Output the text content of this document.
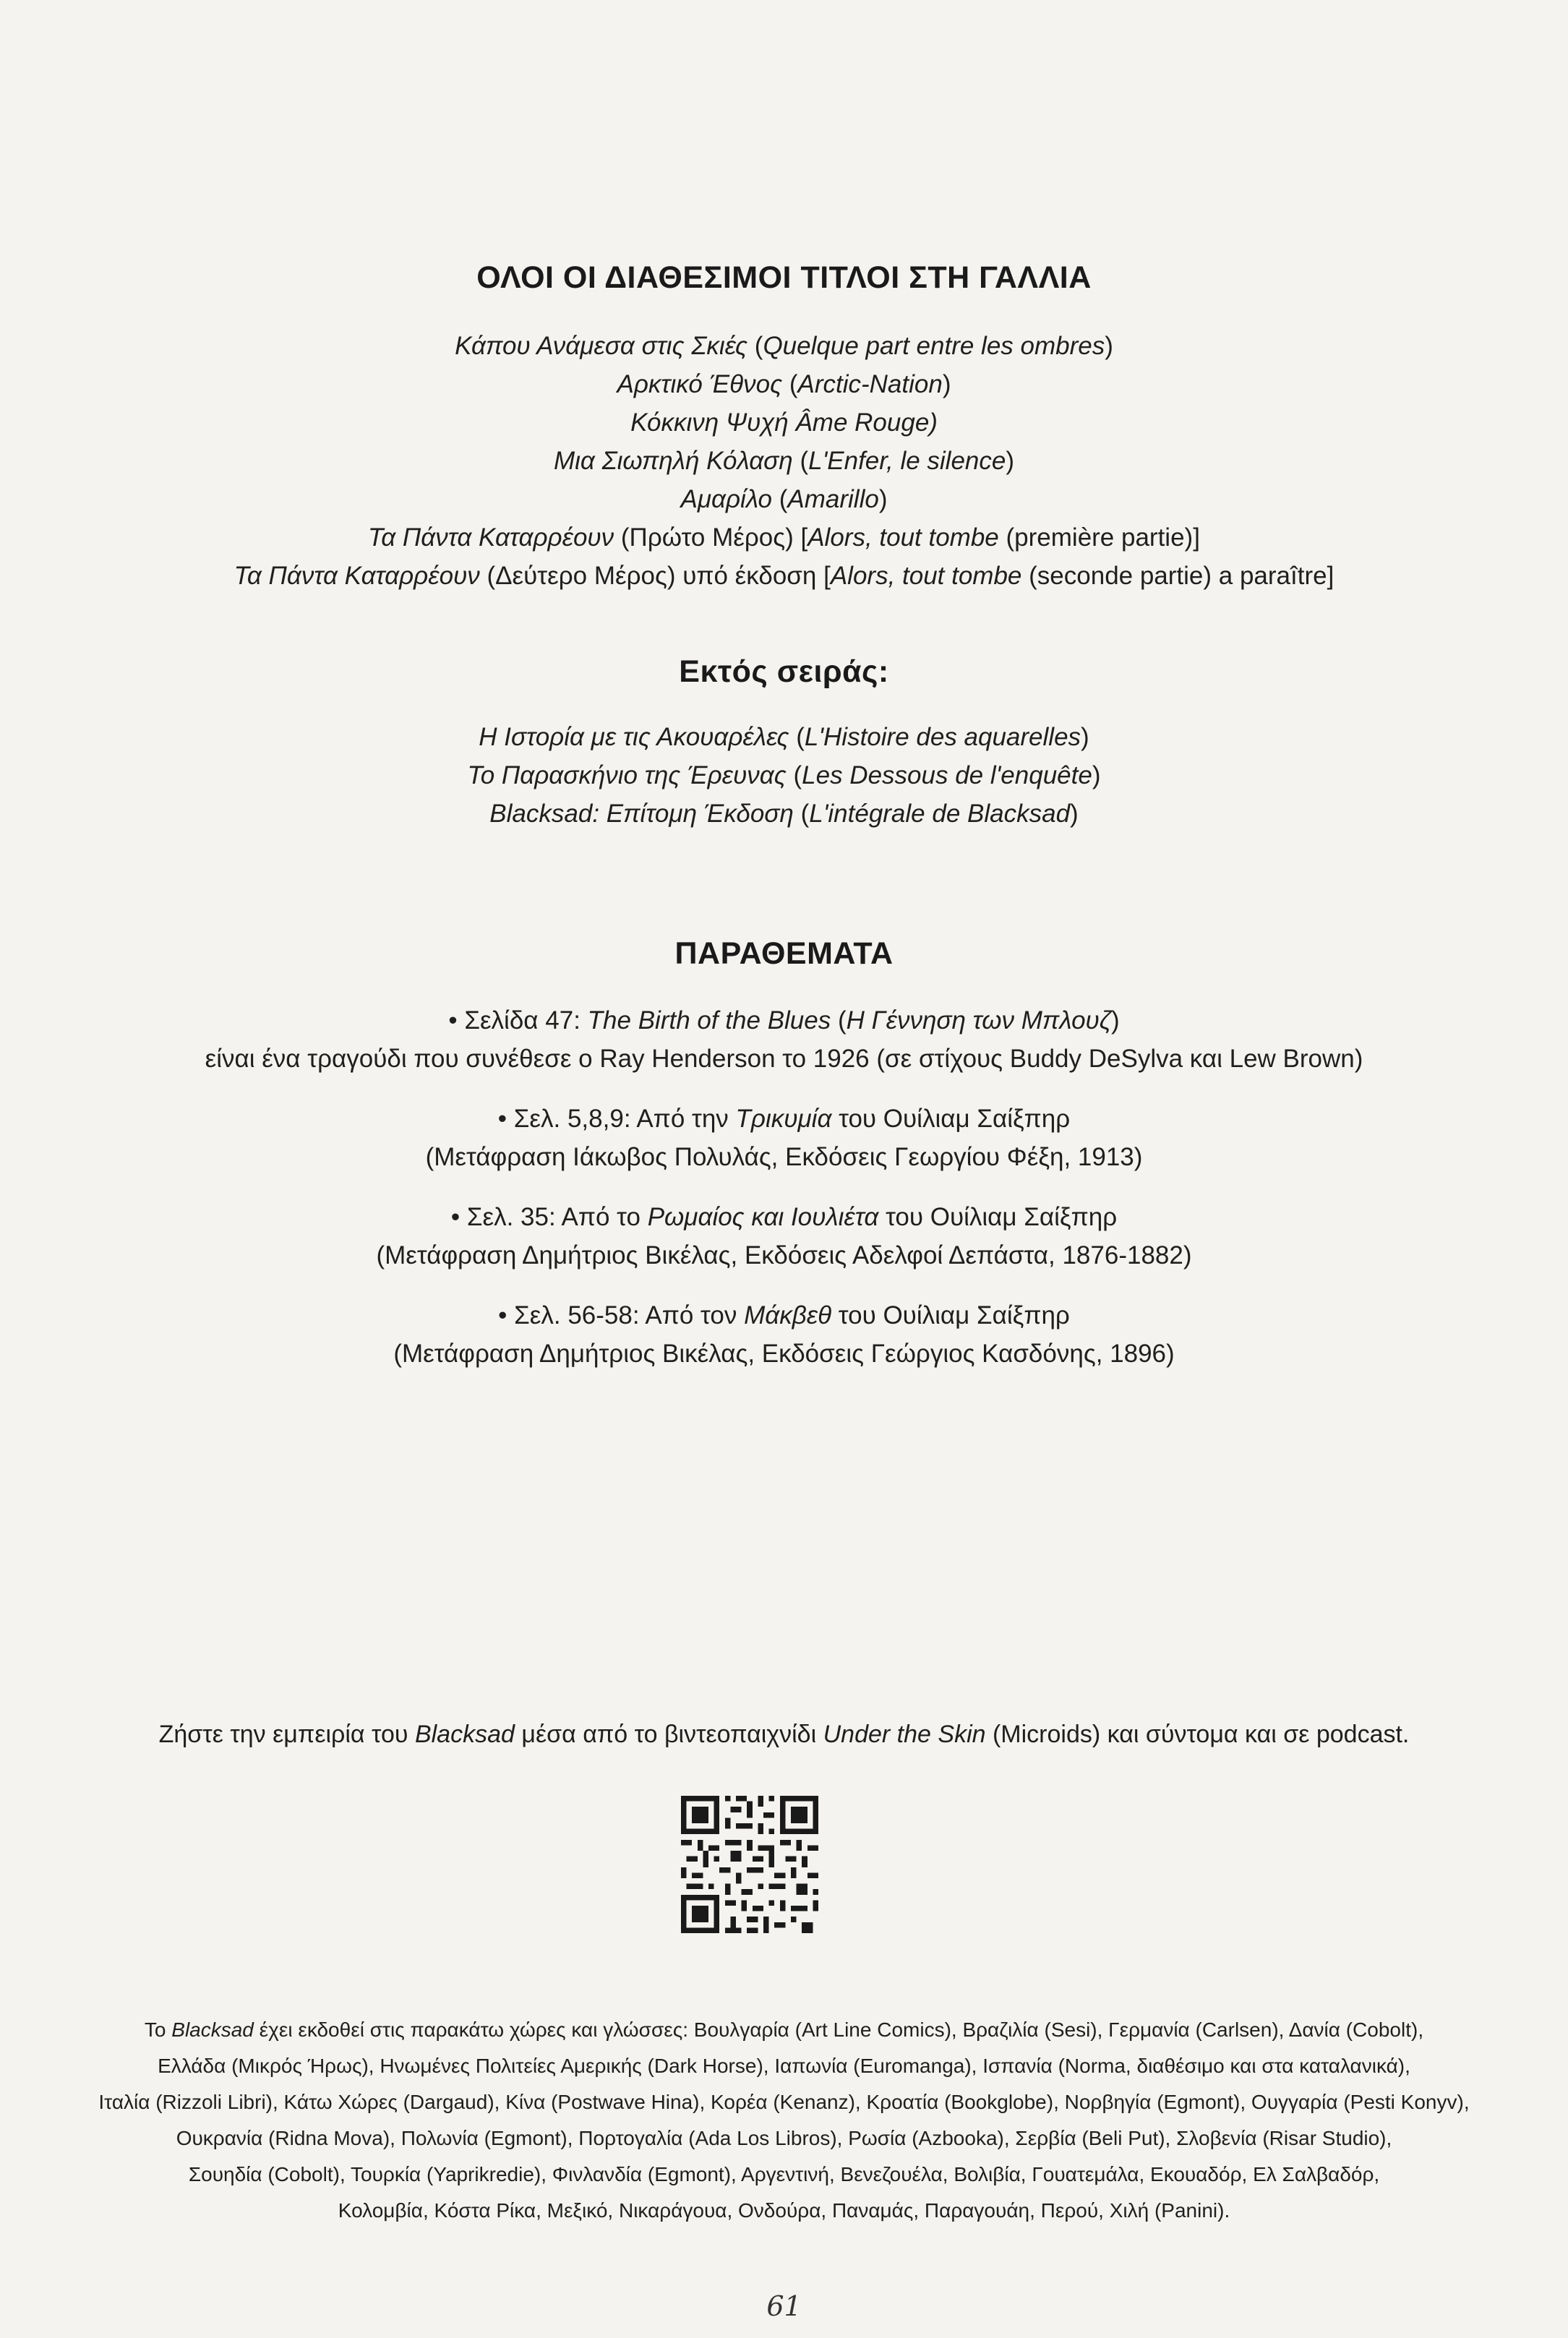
ΟΛΟΙ ΟΙ ΔΙΑΘΕΣΙΜΟΙ ΤΙΤΛΟΙ ΣΤΗ ΓΑΛΛΙΑ

Κάπου Ανάμεσα στις Σκιές (Quelque part entre les ombres)

Αρκτικό Έθνος (Arctic-Nation)

Κόκκινη Ψυχή Âme Rouge)

Μια Σιωπηλή Κόλαση (L'Enfer, le silence)

Αμαρίλο (Amarillo)

Τα Πάντα Καταρρέουν (Πρώτο Μέρος) [Alors, tout tombe (première partie)]

Τα Πάντα Καταρρέουν (Δεύτερο Μέρος) υπό έκδοση [Alors, tout tombe (seconde partie) a paraître]

Εκτός σειράς:

Η Ιστορία με τις Ακουαρέλες (L'Histoire des aquarelles)

Το Παρασκήνιο της Έρευνας (Les Dessous de l'enquête)

Blacksad: Επίτομη Έκδοση (L'intégrale de Blacksad)

ΠΑΡΑΘΕΜΑΤΑ

• Σελίδα 47: The Birth of the Blues (Η Γέννηση των Μπλουζ)

είναι ένα τραγούδι που συνέθεσε ο Ray Henderson το 1926 (σε στίχους Buddy DeSylva και Lew Brown)

• Σελ. 5,8,9: Από την Τρικυμία του Ουίλιαμ Σαίξπηρ

(Μετάφραση Ιάκωβος Πολυλάς, Εκδόσεις Γεωργίου Φέξη, 1913)

• Σελ. 35: Από το Ρωμαίος και Ιουλιέτα του Ουίλιαμ Σαίξπηρ

(Μετάφραση Δημήτριος Βικέλας, Εκδόσεις Αδελφοί Δεπάστα, 1876-1882)

• Σελ. 56-58: Από τον Μάκβεθ του Ουίλιαμ Σαίξπηρ

(Μετάφραση Δημήτριος Βικέλας, Εκδόσεις Γεώργιος Κασδόνης, 1896)

Ζήστε την εμπειρία του Blacksad μέσα από το βιντεοπαιχνίδι Under the Skin (Microids) και σύντομα και σε podcast.

Το Blacksad έχει εκδοθεί στις παρακάτω χώρες και γλώσσες: Βουλγαρία (Art Line Comics), Βραζιλία (Sesi), Γερμανία (Carlsen), Δανία (Cobolt),

Ελλάδα (Μικρός Ήρως), Ηνωμένες Πολιτείες Αμερικής (Dark Horse), Ιαπωνία (Euromanga), Ισπανία (Norma, διαθέσιμο και στα καταλανικά),

Ιταλία (Rizzoli Libri), Κάτω Χώρες (Dargaud), Κίνα (Postwave Hina), Κορέα (Kenanz), Κροατία (Bookglobe), Νορβηγία (Egmont), Ουγγαρία (Pesti Konyv),

Ουκρανία (Ridna Mova), Πολωνία (Egmont), Πορτογαλία (Ada Los Libros), Ρωσία (Azbooka), Σερβία (Beli Put), Σλοβενία (Risar Studio),

Σουηδία (Cobolt), Τουρκία (Yaprikredie), Φινλανδία (Egmont), Αργεντινή, Βενεζουέλα, Βολιβία, Γουατεμάλα, Εκουαδόρ, Ελ Σαλβαδόρ,

Κολομβία, Κόστα Ρίκα, Μεξικό, Νικαράγουα, Ονδούρα, Παναμάς, Παραγουάη, Περού, Χιλή (Panini).

61
